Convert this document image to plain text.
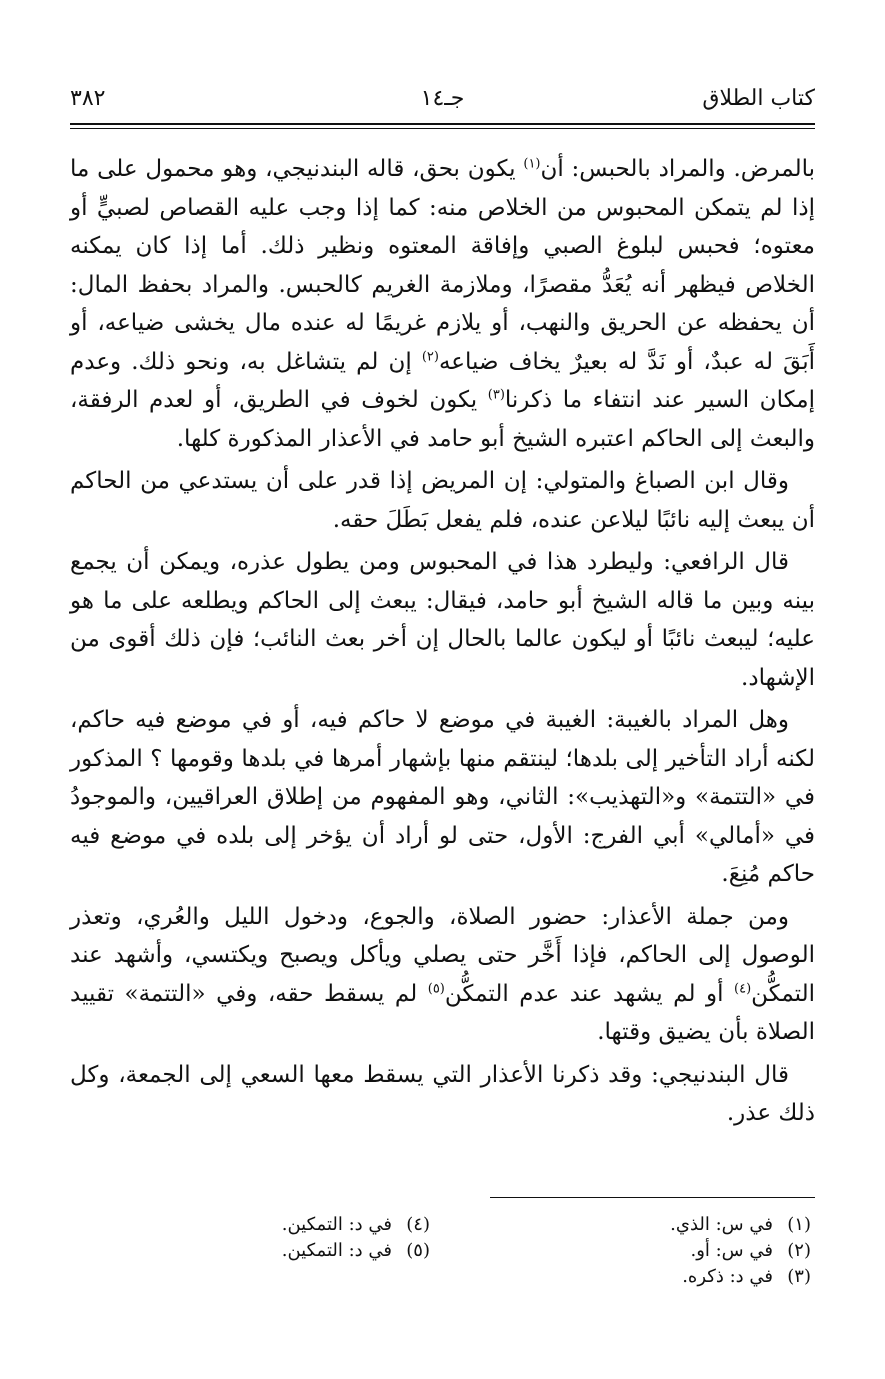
كتاب الطلاق
جـ١٤
٣٨٢

بالمرض. والمراد بالحبس: أن$^{(١)}$ يكون بحق، قاله البندنيجي، وهو محمول على ما إذا لم يتمكن المحبوس من الخلاص منه: كما إذا وجب عليه القصاص لصبيٍّ أو معتوه؛ فحبس لبلوغ الصبي وإفاقة المعتوه ونظير ذلك. أما إذا كان يمكنه الخلاص فيظهر أنه يُعَدُّ مقصرًا، وملازمة الغريم كالحبس. والمراد بحفظ المال: أن يحفظه عن الحريق والنهب، أو يلازم غريمًا له عنده مال يخشى ضياعه، أو أَبَقَ له عبدٌ، أو نَدَّ له بعيرٌ يخاف ضياعه$^{(٢)}$ إن لم يتشاغل به، ونحو ذلك. وعدم إمكان السير عند انتفاء ما ذكرنا$^{(٣)}$ يكون لخوف في الطريق، أو لعدم الرفقة، والبعث إلى الحاكم اعتبره الشيخ أبو حامد في الأعذار المذكورة كلها.

وقال ابن الصباغ والمتولي: إن المريض إذا قدر على أن يستدعي من الحاكم أن يبعث إليه نائبًا ليلاعن عنده، فلم يفعل بَطَلَ حقه.

قال الرافعي: وليطرد هذا في المحبوس ومن يطول عذره، ويمكن أن يجمع بينه وبين ما قاله الشيخ أبو حامد، فيقال: يبعث إلى الحاكم ويطلعه على ما هو عليه؛ ليبعث نائبًا أو ليكون عالما بالحال إن أخر بعث النائب؛ فإن ذلك أقوى من الإشهاد.

وهل المراد بالغيبة: الغيبة في موضع لا حاكم فيه، أو في موضع فيه حاكم، لكنه أراد التأخير إلى بلدها؛ لينتقم منها بإشهار أمرها في بلدها وقومها ؟ المذكور في «التتمة» و«التهذيب»: الثاني، وهو المفهوم من إطلاق العراقيين، والموجودُ في «أمالي» أبي الفرج: الأول، حتى لو أراد أن يؤخر إلى بلده في موضع فيه حاكم مُنِعَ.

ومن جملة الأعذار: حضور الصلاة، والجوع، ودخول الليل والعُري، وتعذر الوصول إلى الحاكم، فإذا أَخَّر حتى يصلي ويأكل ويصبح ويكتسي، وأشهد عند التمكُّن$^{(٤)}$ أو لم يشهد عند عدم التمكُّن$^{(٥)}$ لم يسقط حقه، وفي «التتمة» تقييد الصلاة بأن يضيق وقتها.

قال البندنيجي: وقد ذكرنا الأعذار التي يسقط معها السعي إلى الجمعة، وكل ذلك عذر.

(١)في س: الذي.
(٢)في س: أو.
(٣)في د: ذكره.
(٤)في د: التمكين.
(٥)في د: التمكين.
